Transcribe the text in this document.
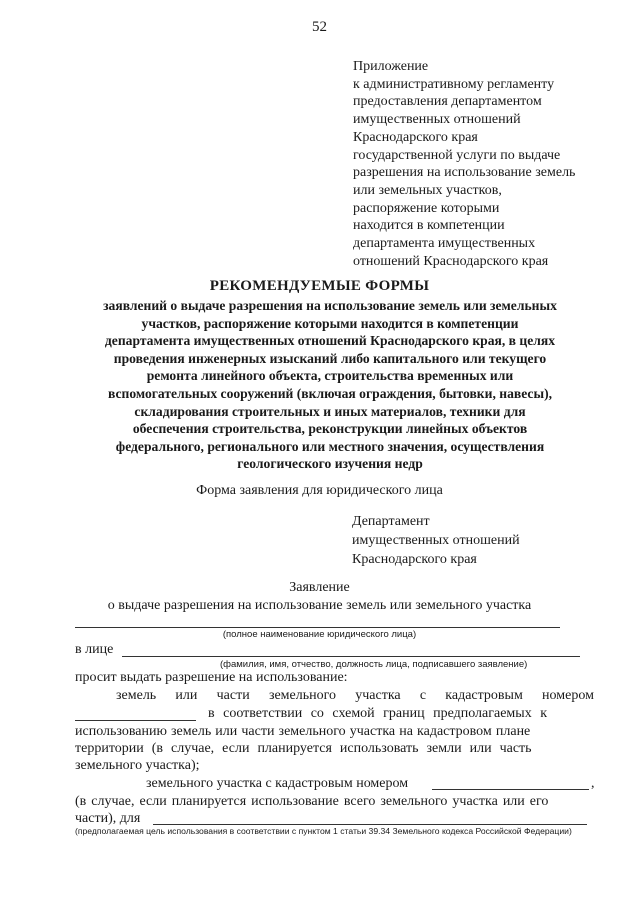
52
Приложение
к административному регламенту
предоставления департаментом
имущественных отношений
Краснодарского края
государственной услуги по выдаче
разрешения на использование земель
или земельных участков,
распоряжение которыми
находится в компетенции
департамента имущественных
отношений Краснодарского края
РЕКОМЕНДУЕМЫЕ ФОРМЫ
заявлений о выдаче разрешения на использование земель или земельных
участков, распоряжение которыми находится в компетенции
департамента имущественных отношений Краснодарского края, в целях
проведения инженерных изысканий либо капитального или текущего
ремонта линейного объекта, строительства временных или
вспомогательных сооружений (включая ограждения, бытовки, навесы),
складирования строительных и иных материалов, техники для
обеспечения строительства, реконструкции линейных объектов
федерального, регионального или местного значения, осуществления
геологического изучения недр
Форма заявления для юридического лица
Департамент
имущественных отношений
Краснодарского края
Заявление
о выдаче разрешения на использование земель или земельного участка
(полное наименование юридического лица)
в лице
(фамилия, имя, отчество, должность лица, подписавшего заявление)
просит выдать разрешение на использование:
земель или части земельного участка с кадастровым номером
в соответствии со схемой границ предполагаемых к
использованию земель или части земельного участка на кадастровом плане
территории (в случае, если планируется использовать земли или часть
земельного участка);
земельного участка с кадастровым номером	,
(в случае, если планируется использование всего земельного участка или его
части), для
(предполагаемая цель использования в соответствии с пунктом 1 статьи 39.34 Земельного кодекса Российской Федерации)
